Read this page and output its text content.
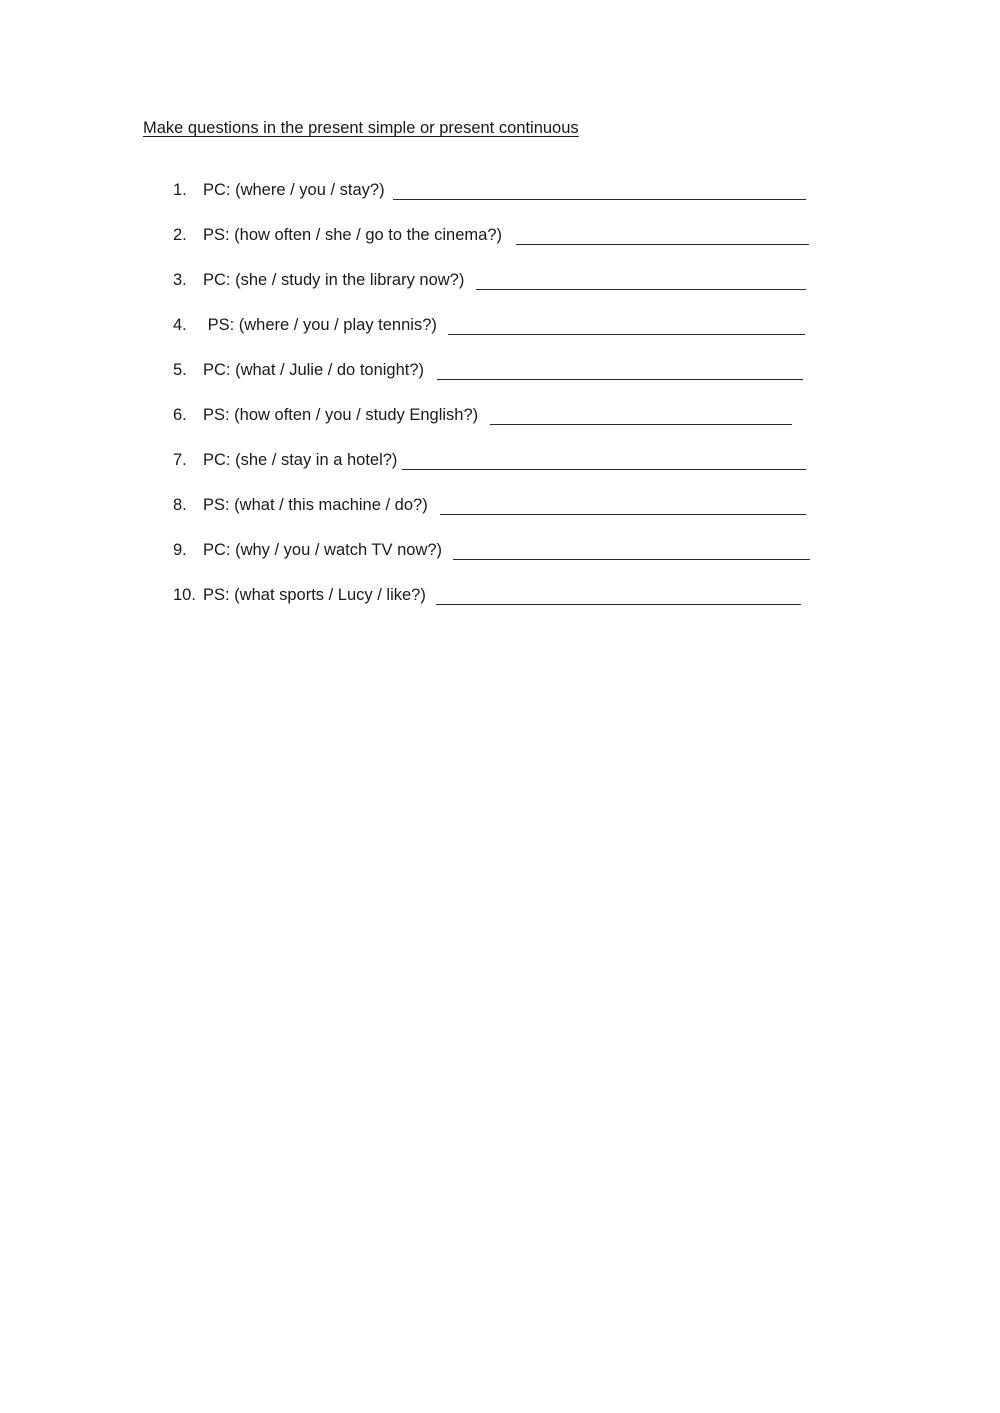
Make questions in the present simple or present continuous
1. PC: (where / you / stay?)
2. PS: (how often / she / go to the cinema?)
3. PC: (she / study in the library now?)
4. PS: (where / you / play tennis?)
5. PC: (what / Julie / do tonight?)
6. PS: (how often / you / study English?)
7. PC: (she / stay in a hotel?)
8. PS: (what / this machine / do?)
9. PC: (why / you / watch TV now?)
10. PS: (what sports / Lucy / like?)
